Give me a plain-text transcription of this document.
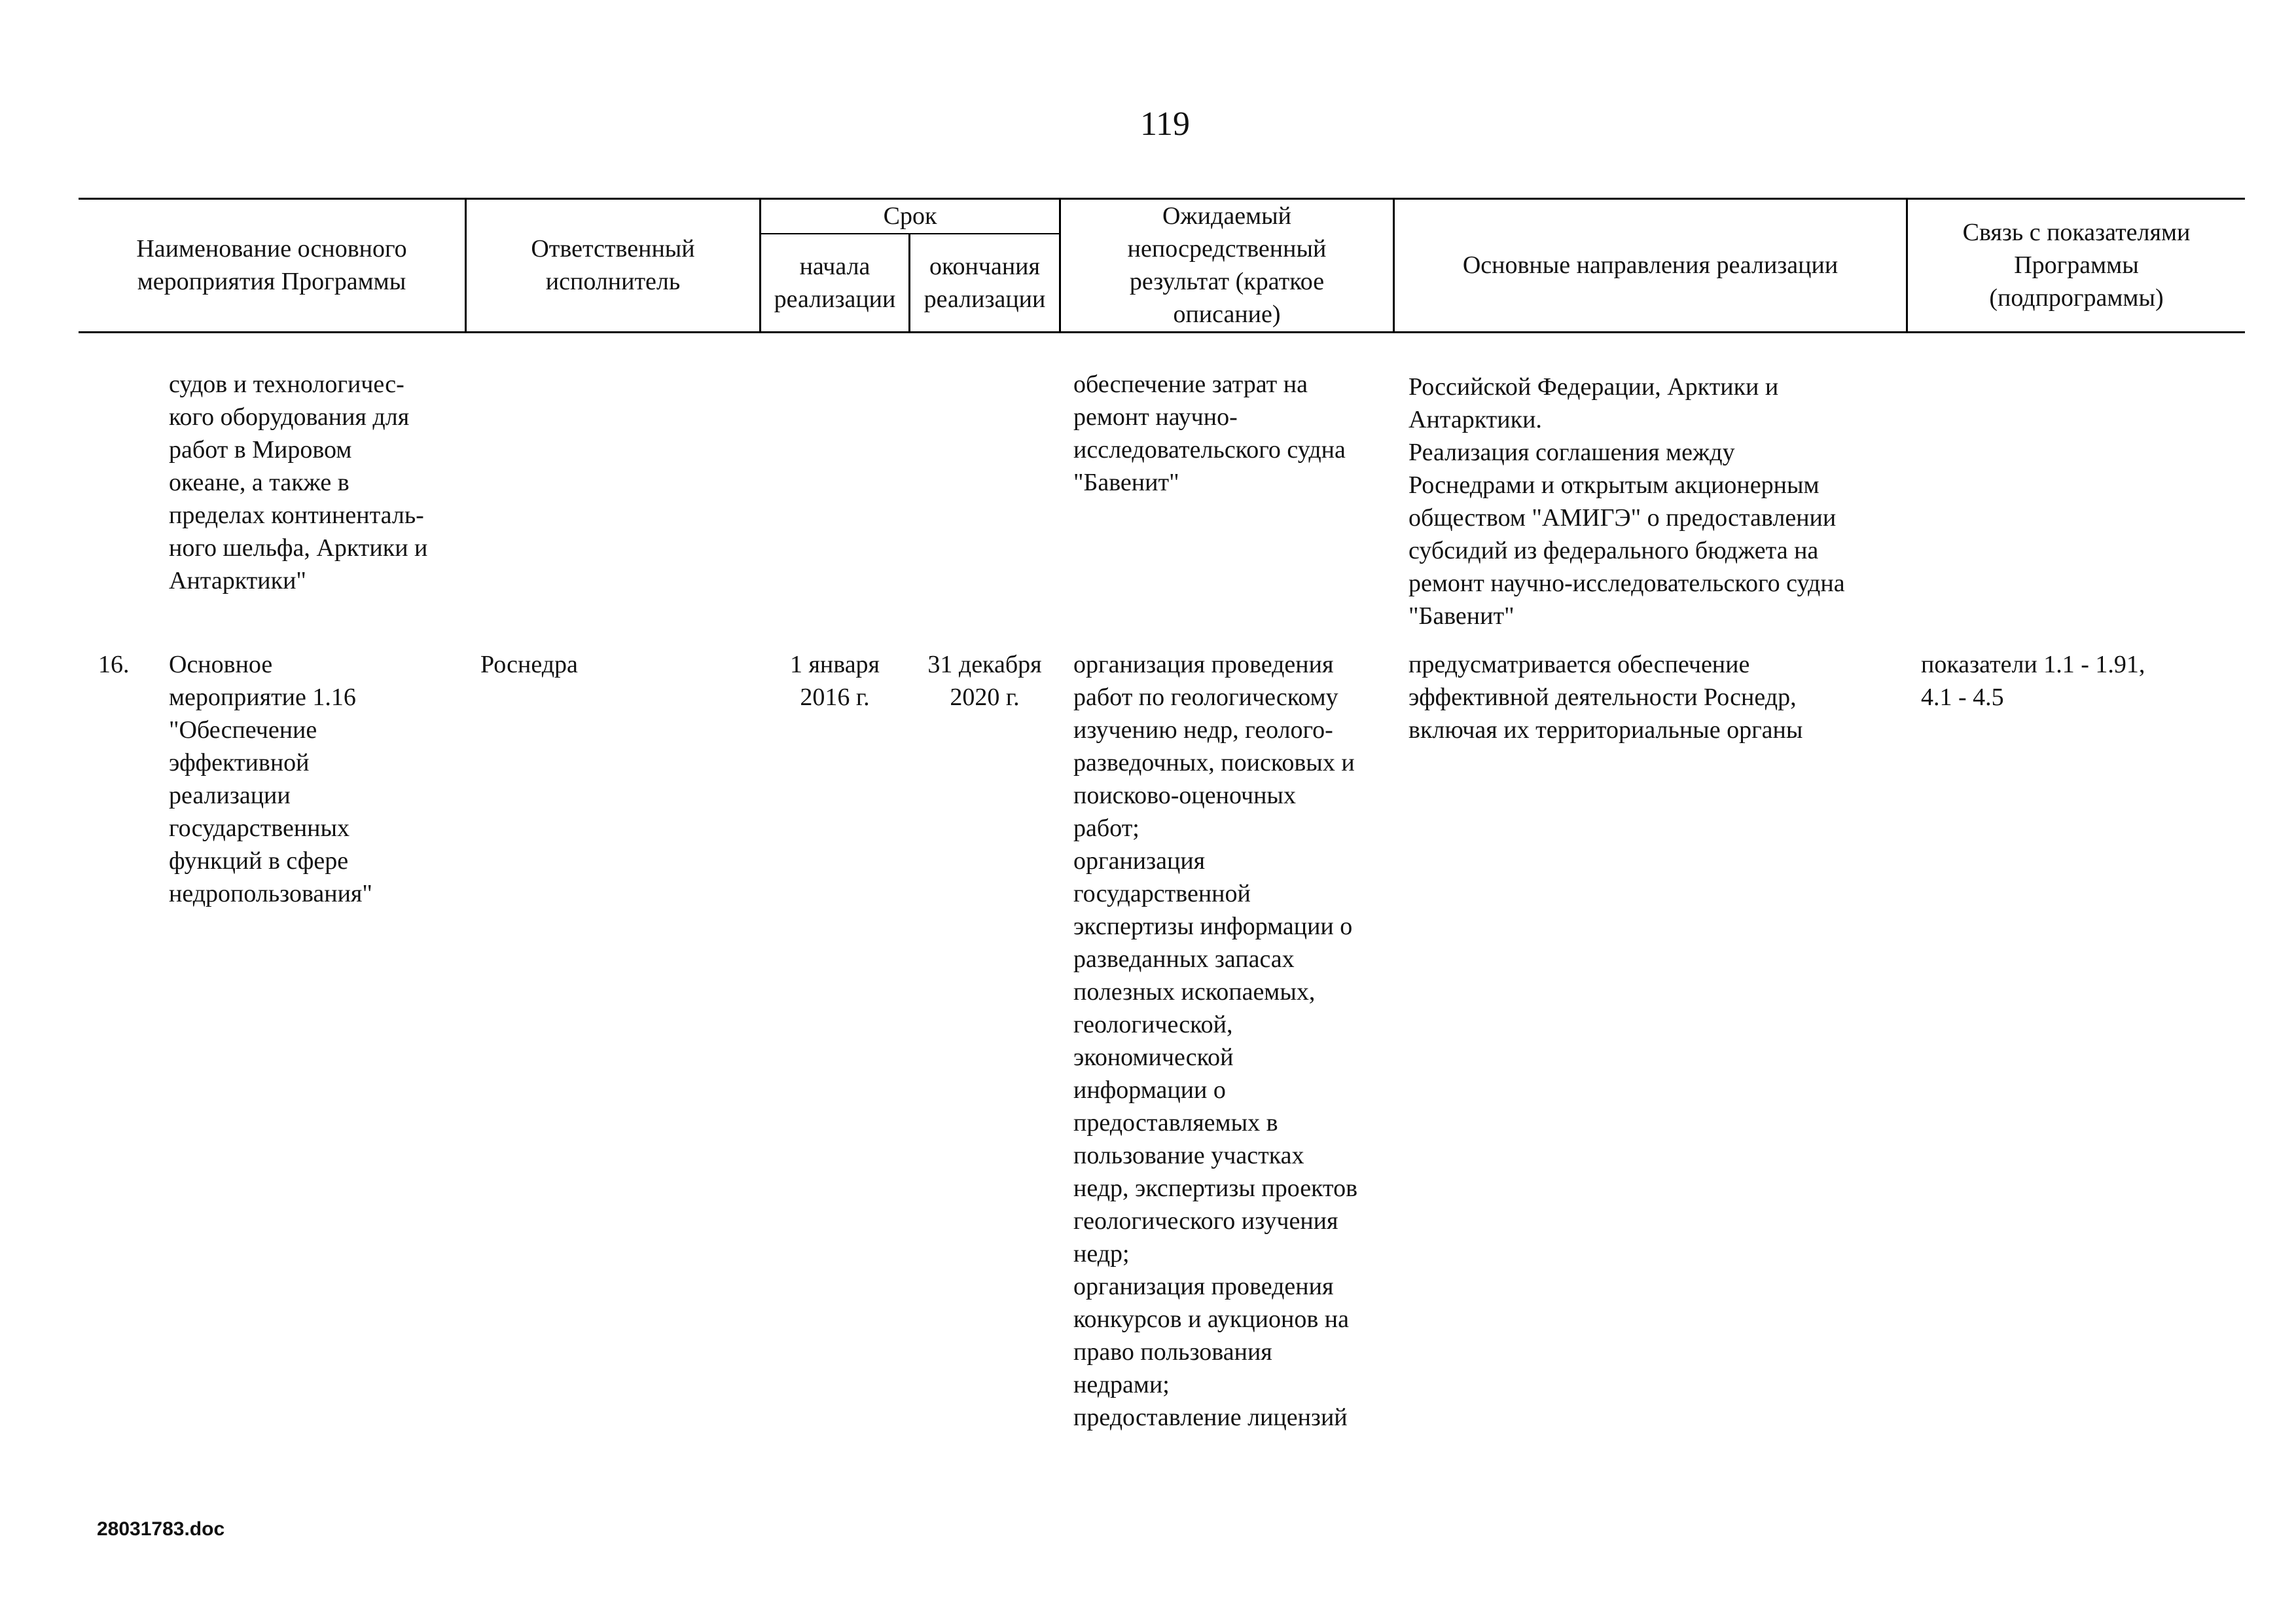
119
Наименование основного
мероприятия Программы
Ответственный
исполнитель
Срок
начала
реализации
окончания
реализации
Ожидаемый
непосредственный
результат (краткое
описание)
Основные направления реализации
Связь с показателями
Программы
(подпрограммы)
судов и технологичес-
кого оборудования для
работ в Мировом
океане, а также в
пределах континенталь-
ного шельфа, Арктики и
Антарктики"
обеспечение затрат на
ремонт научно-
исследовательского судна
"Бавенит"
Российской Федерации, Арктики и
Антарктики.
Реализация соглашения между
Роснедрами и открытым акционерным
обществом "АМИГЭ" о предоставлении
субсидий из федерального бюджета на
ремонт научно-исследовательского судна
"Бавенит"
16.	Основное
мероприятие 1.16
"Обеспечение
эффективной
реализации
государственных
функций в сфере
недропользования"
Роснедра	1 января
2016 г.
31 декабря
2020 г.
организация проведения
работ по геологическому
изучению недр, геолого-
разведочных, поисковых и
поисково-оценочных
работ;
организация
государственной
экспертизы информации о
разведанных запасах
полезных ископаемых,
геологической,
экономической
информации о
предоставляемых в
пользование участках
недр, экспертизы проектов
геологического изучения
недр;
организация проведения
конкурсов и аукционов на
право пользования
недрами;
предоставление лицензий
предусматривается обеспечение
эффективной деятельности Роснедр,
включая их территориальные органы
показатели 1.1 - 1.91,
4.1 - 4.5
28031783.doc
